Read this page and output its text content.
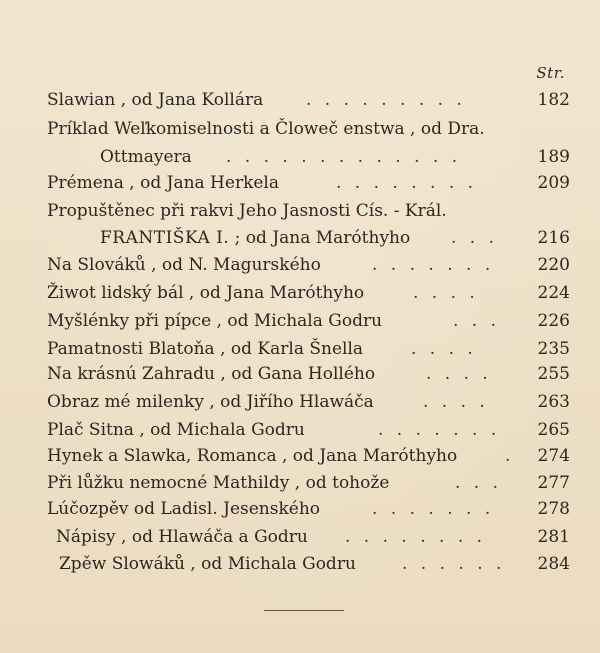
Str.
Slawian , od Jana Kollára	. . . . . . . . .	182
Príklad Weľkomiselnosti a Čloweč enstwa , od Dra.
Ottmayera . . . . . . . . . . . . .	189
Prémena , od Jana Herkela	. . . . . . . .	209
Propuštěnec při rakvi Jeho Jasnosti Cís. - Král.
FRANTIŠKA I. ; od Jana Maróthyho . . .	216
Na Slováků , od N. Magurského	. . . . . . .	220
Žiwot lidský bál , od Jana Maróthyho	. . . .	224
Myšlénky při pípce , od Michala Godru	. . .	226
Pamatnosti Blatoňa , od Karla Šnella	. . . .	235
Na krásnú Zahradu , od Gana Hollého	. . . .	255
Obraz mé milenky , od Jiřího Hlawáča	. . . .	263
Plač Sitna , od Michala Godru	. . . . . . .	265
Hynek a Slawka, Romanca , od Jana Maróthyho	.	274
Při lůžku nemocné Mathildy , od tohože	. . .	277
Lúčozpěv od Ladisl. Jesenského	. . . . . . .	278
Nápisy , od Hlawáča a Godru . . . . . . . .	281
Zpěw Slowáků , od Michala Godru	. . . . . .	284
